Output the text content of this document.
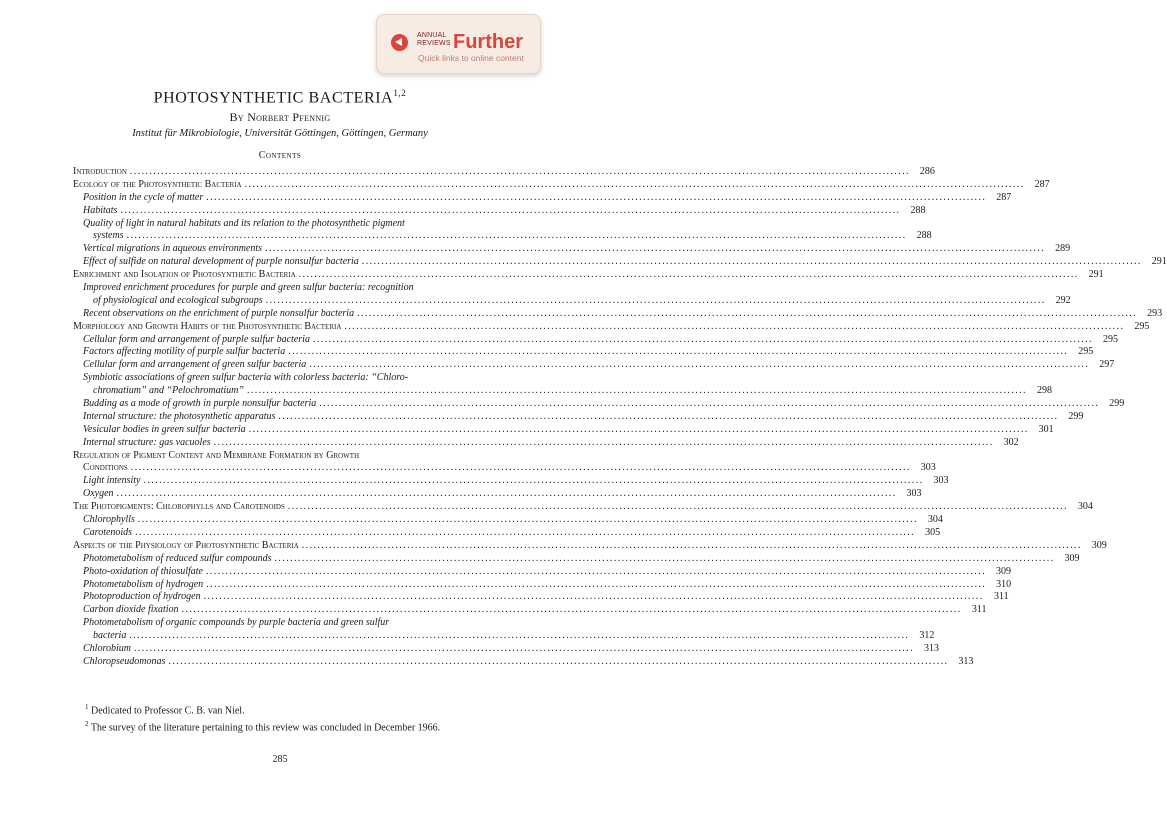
ANNUAL
REVIEWS Further
Quick links to online content
PHOTOSYNTHETIC BACTERIA$^{1,2}$
By Norbert Pfennig
Institut für Mikrobiologie, Universität Göttingen, Göttingen, Germany
Contents
Introduction ........................................................................................................................................................................................................	286
Ecology of the Photosynthetic Bacteria ........................................................................................................................................................................................................	287
Position in the cycle of matter ........................................................................................................................................................................................................	287
Habitats ........................................................................................................................................................................................................	288
Quality of light in natural habitats and its relation to the photosynthetic pigment
systems ........................................................................................................................................................................................................	288
Vertical migrations in aqueous environments ........................................................................................................................................................................................................	289
Effect of sulfide on natural development of purple nonsulfur bacteria ........................................................................................................................................................................................................	291
Enrichment and Isolation of Photosynthetic Bacteria ........................................................................................................................................................................................................	291
Improved enrichment procedures for purple and green sulfur bacteria: recognition
of physiological and ecological subgroups ........................................................................................................................................................................................................	292
Recent observations on the enrichment of purple nonsulfur bacteria ........................................................................................................................................................................................................	293
Morphology and Growth Habits of the Photosynthetic Bacteria ........................................................................................................................................................................................................	295
Cellular form and arrangement of purple sulfur bacteria ........................................................................................................................................................................................................	295
Factors affecting motility of purple sulfur bacteria ........................................................................................................................................................................................................	295
Cellular form and arrangement of green sulfur bacteria ........................................................................................................................................................................................................	297
Symbiotic associations of green sulfur bacteria with colorless bacteria: “Chloro-
chromatium” and “Pelochromatium” ........................................................................................................................................................................................................	298
Budding as a mode of growth in purple nonsulfur bacteria ........................................................................................................................................................................................................	299
Internal structure: the photosynthetic apparatus ........................................................................................................................................................................................................	299
Vesicular bodies in green sulfur bacteria ........................................................................................................................................................................................................	301
Internal structure: gas vacuoles ........................................................................................................................................................................................................	302
Regulation of Pigment Content and Membrane Formation by Growth
Conditions ........................................................................................................................................................................................................	303
Light intensity ........................................................................................................................................................................................................	303
Oxygen ........................................................................................................................................................................................................	303
The Photopigments: Chlorophylls and Carotenoids ........................................................................................................................................................................................................	304
Chlorophylls ........................................................................................................................................................................................................	304
Carotenoids ........................................................................................................................................................................................................	305
Aspects of the Physiology of Photosynthetic Bacteria ........................................................................................................................................................................................................	309
Photometabolism of reduced sulfur compounds ........................................................................................................................................................................................................	309
Photo-oxidation of thiosulfate ........................................................................................................................................................................................................	309
Photometabolism of hydrogen ........................................................................................................................................................................................................	310
Photoproduction of hydrogen ........................................................................................................................................................................................................	311
Carbon dioxide fixation ........................................................................................................................................................................................................	311
Photometabolism of organic compounds by purple bacteria and green sulfur
bacteria ........................................................................................................................................................................................................	312
Chlorobium ........................................................................................................................................................................................................	313
Chloropseudomonas ........................................................................................................................................................................................................	313
$^1$ Dedicated to Professor C. B. van Niel.
$^2$ The survey of the literature pertaining to this review was concluded in December 1966.
285
